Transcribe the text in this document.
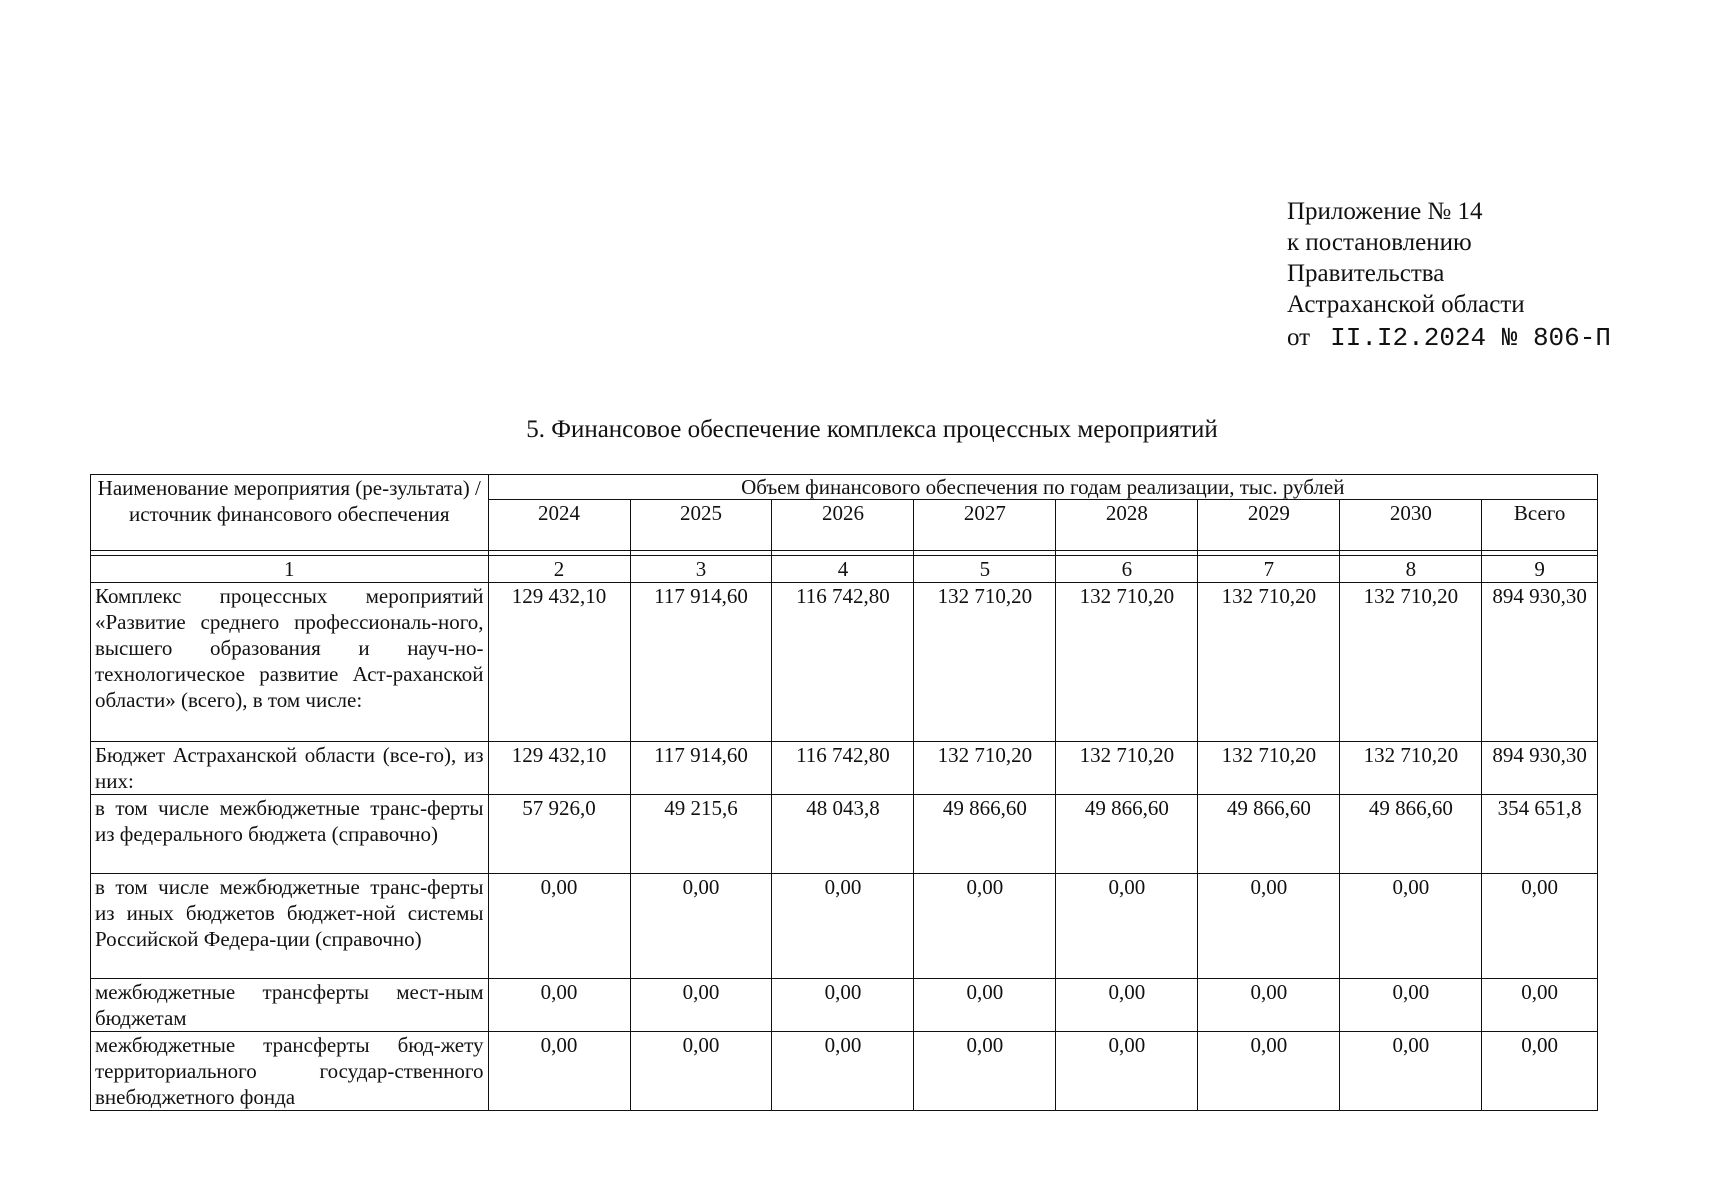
Приложение № 14
к постановлению
Правительства
Астраханской области
от II.I2.2024 № 806-П
5. Финансовое обеспечение комплекса процессных мероприятий
Наименование мероприятия (ре-зультата) / источник финансового обеспечения	Объем финансового обеспечения по годам реализации, тыс. рублей							
	2024	2025	2026	2027	2028	2029	2030	Всего

1	2	3	4	5	6	7	8	9
Комплекс процессных мероприятий «Развитие среднего профессиональ-ного, высшего образования и науч-но-технологическое развитие Аст-раханской области» (всего), в том числе:	129 432,10	117 914,60	116 742,80	132 710,20	132 710,20	132 710,20	132 710,20	894 930,30
Бюджет Астраханской области (все-го), из них:	129 432,10	117 914,60	116 742,80	132 710,20	132 710,20	132 710,20	132 710,20	894 930,30
в том числе межбюджетные транс-ферты из федерального бюджета (справочно)	57 926,0	49 215,6	48 043,8	49 866,60	49 866,60	49 866,60	49 866,60	354 651,8
в том числе межбюджетные транс-ферты из иных бюджетов бюджет-ной системы Российской Федера-ции (справочно)	0,00	0,00	0,00	0,00	0,00	0,00	0,00	0,00
межбюджетные трансферты мест-ным бюджетам	0,00	0,00	0,00	0,00	0,00	0,00	0,00	0,00
межбюджетные трансферты бюд-жету территориального государ-ственного внебюджетного фонда	0,00	0,00	0,00	0,00	0,00	0,00	0,00	0,00
